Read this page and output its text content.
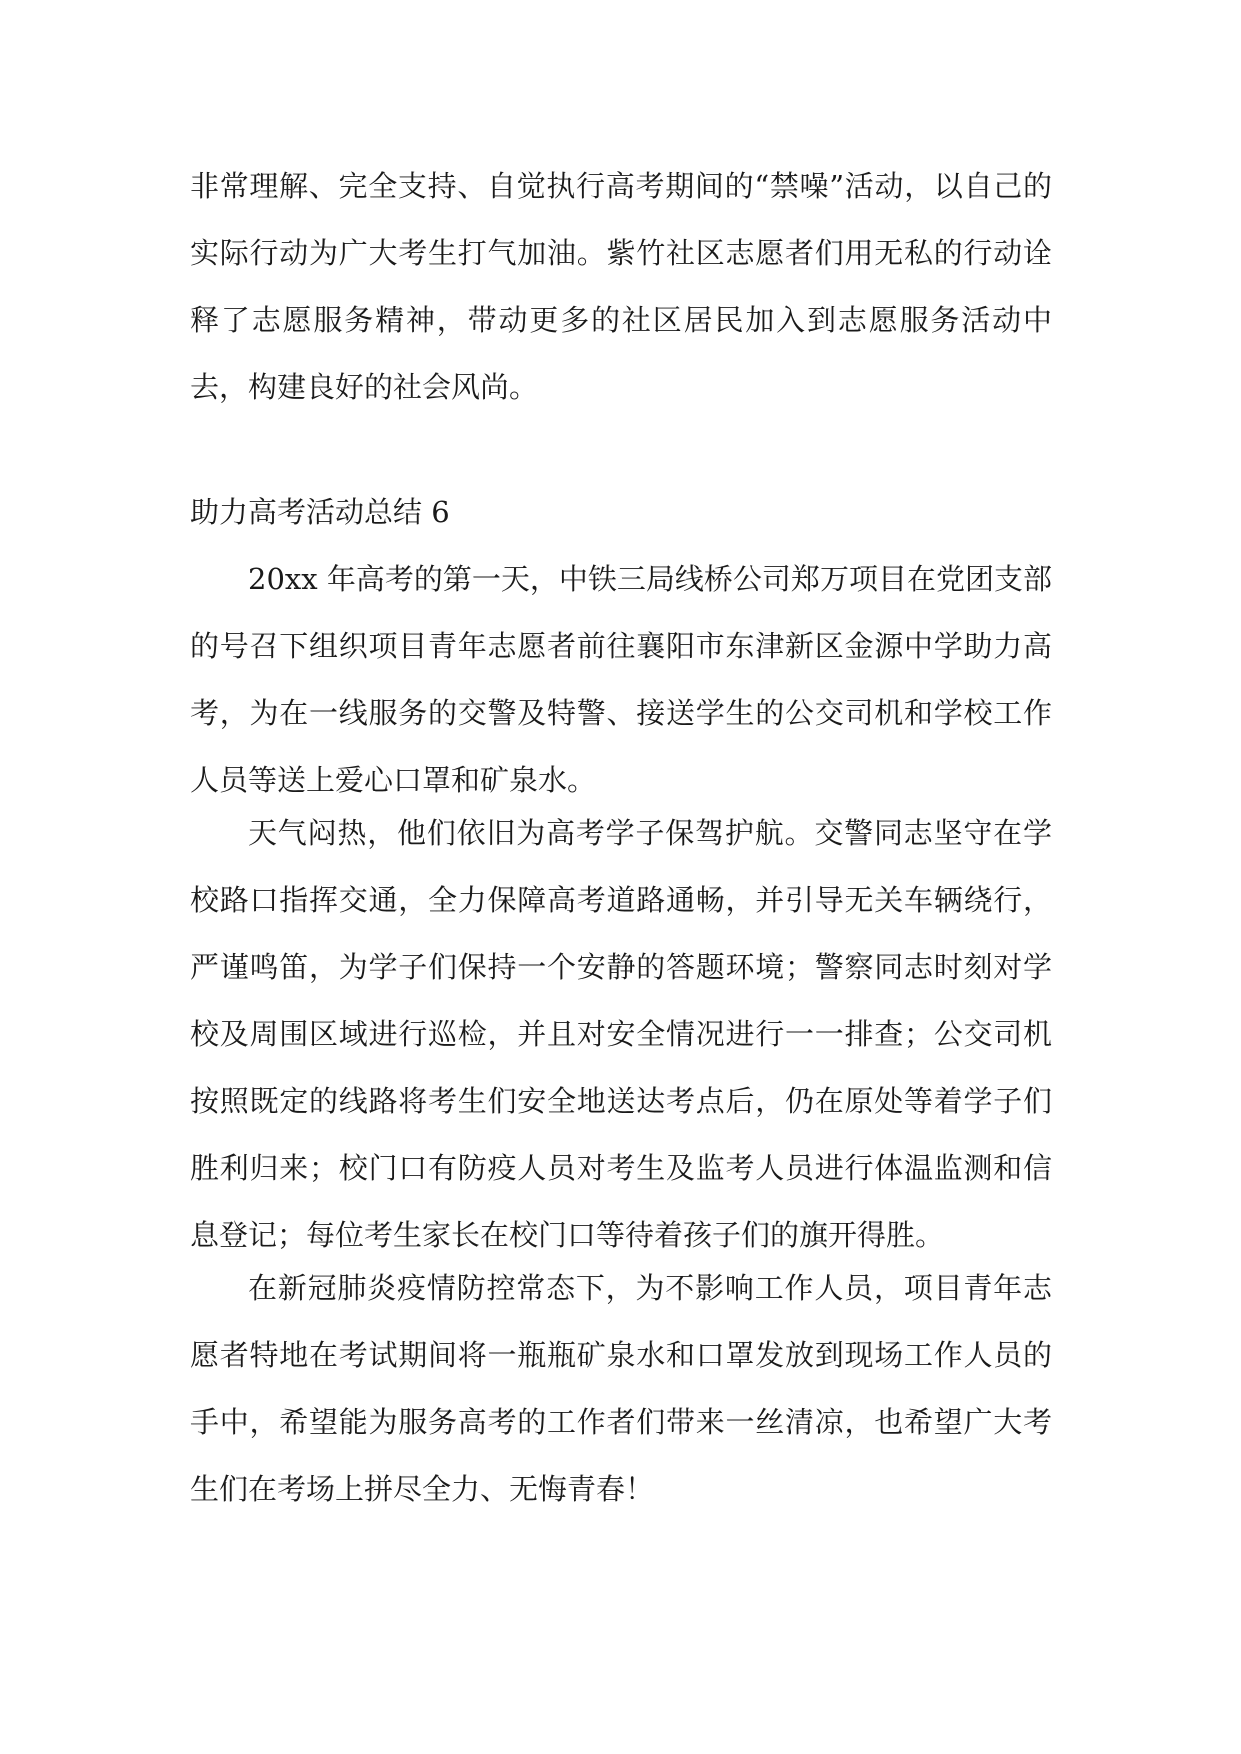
非常理解、完全支持、自觉执行高考期间的“禁噪”活动，以自己的实际行动为广大考生打气加油。紫竹社区志愿者们用无私的行动诠释了志愿服务精神，带动更多的社区居民加入到志愿服务活动中去，构建良好的社会风尚。

助力高考活动总结 6

20xx 年高考的第一天，中铁三局线桥公司郑万项目在党团支部的号召下组织项目青年志愿者前往襄阳市东津新区金源中学助力高考，为在一线服务的交警及特警、接送学生的公交司机和学校工作人员等送上爱心口罩和矿泉水。

天气闷热，他们依旧为高考学子保驾护航。交警同志坚守在学校路口指挥交通，全力保障高考道路通畅，并引导无关车辆绕行，严谨鸣笛，为学子们保持一个安静的答题环境；警察同志时刻对学校及周围区域进行巡检，并且对安全情况进行一一排查；公交司机按照既定的线路将考生们安全地送达考点后，仍在原处等着学子们胜利归来；校门口有防疫人员对考生及监考人员进行体温监测和信息登记；每位考生家长在校门口等待着孩子们的旗开得胜。

在新冠肺炎疫情防控常态下，为不影响工作人员，项目青年志愿者特地在考试期间将一瓶瓶矿泉水和口罩发放到现场工作人员的手中，希望能为服务高考的工作者们带来一丝清凉，也希望广大考生们在考场上拼尽全力、无悔青春！
